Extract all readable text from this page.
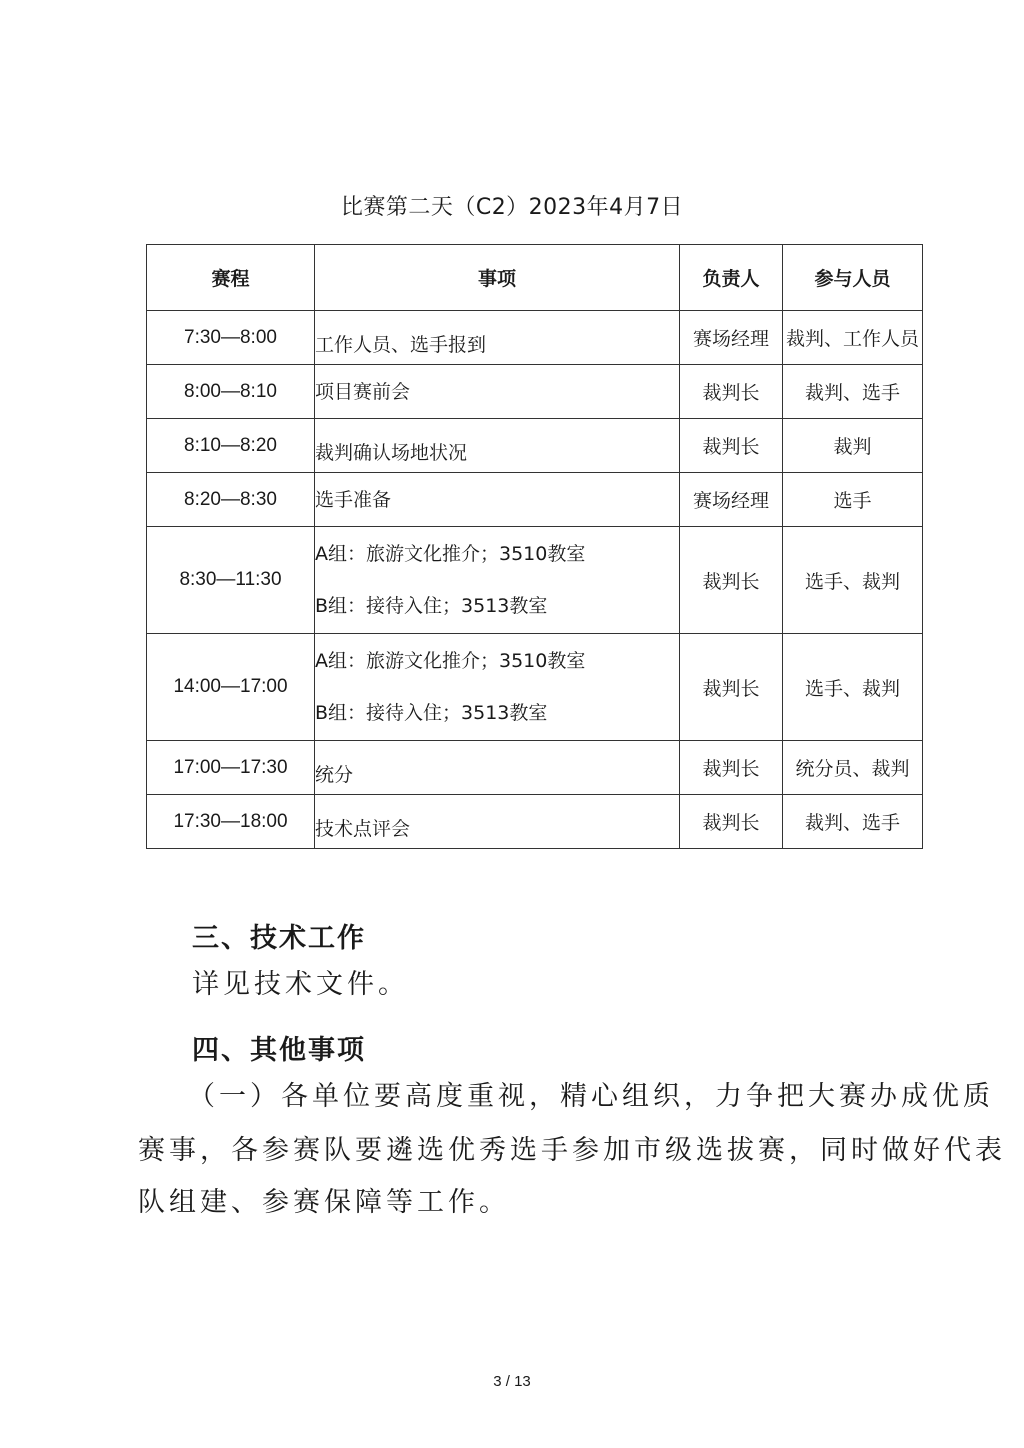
比赛第二天（C2）2023年4月7日
赛程	事项	负责人	参与人员
7:30—8:00	工作人员、选手报到	赛场经理	裁判、工作人员
8:00—8:10	项目赛前会	裁判长	裁判、选手
8:10—8:20	裁判确认场地状况	裁判长	裁判
8:20—8:30	选手准备	赛场经理	选手
8:30—11:30	A组：旅游文化推介；3510教室
B组：接待入住；3513教室	裁判长	选手、裁判
14:00—17:00	A组：旅游文化推介；3510教室
B组：接待入住；3513教室	裁判长	选手、裁判
17:00—17:30	统分	裁判长	统分员、裁判
17:30—18:00	技术点评会	裁判长	裁判、选手
三、技术工作
详见技术文件。
四、其他事项
（一）各单位要高度重视，精心组织，力争把大赛办成优质
赛事，各参赛队要遴选优秀选手参加市级选拔赛，同时做好代表
队组建、参赛保障等工作。
3 / 13
